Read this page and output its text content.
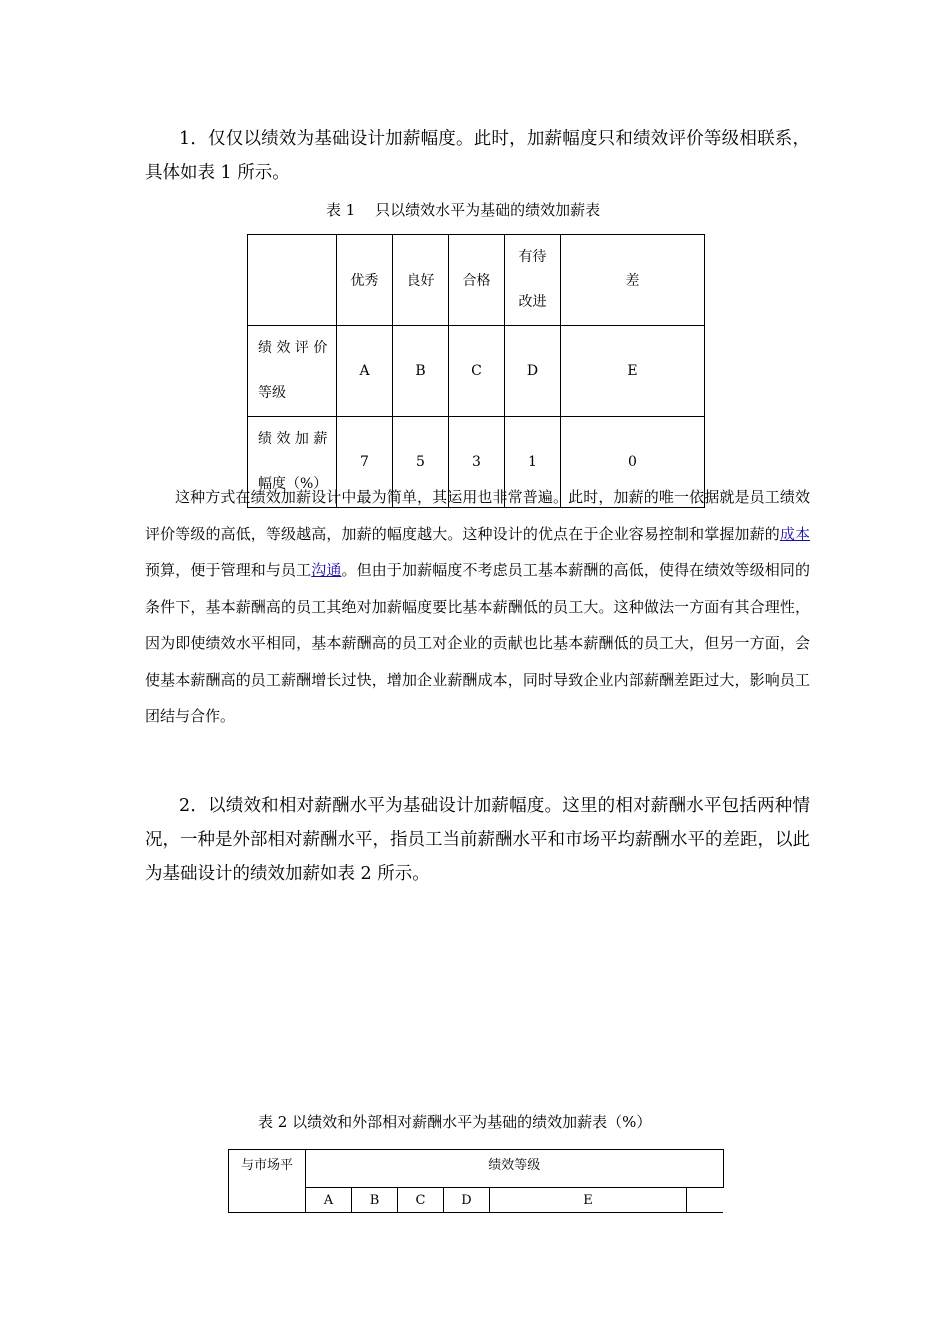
1．仅仅以绩效为基础设计加薪幅度。此时，加薪幅度只和绩效评价等级相联系，具体如表 1 所示。

表 1　 只以绩效水平为基础的绩效加薪表

	优秀	良好	合格	有待
改进	差

绩 效 评 价
等级	A	B	C	D	E

绩 效 加 薪
幅度（%）	7	5	3	1	0

这种方式在绩效加薪设计中最为简单，其运用也非常普遍。此时，加薪的唯一依据就是员工绩效评价等级的高低，等级越高，加薪的幅度越大。这种设计的优点在于企业容易控制和掌握加薪的成本预算，便于管理和与员工沟通。但由于加薪幅度不考虑员工基本薪酬的高低，使得在绩效等级相同的条件下，基本薪酬高的员工其绝对加薪幅度要比基本薪酬低的员工大。这种做法一方面有其合理性，因为即使绩效水平相同，基本薪酬高的员工对企业的贡献也比基本薪酬低的员工大，但另一方面，会使基本薪酬高的员工薪酬增长过快，增加企业薪酬成本，同时导致企业内部薪酬差距过大，影响员工团结与合作。

2．以绩效和相对薪酬水平为基础设计加薪幅度。这里的相对薪酬水平包括两种情况，一种是外部相对薪酬水平，指员工当前薪酬水平和市场平均薪酬水平的差距，以此为基础设计的绩效加薪如表 2 所示。

表 2 以绩效和外部相对薪酬水平为基础的绩效加薪表（%）

与市场平	绩效等级					
	A	B	C	D	E	
